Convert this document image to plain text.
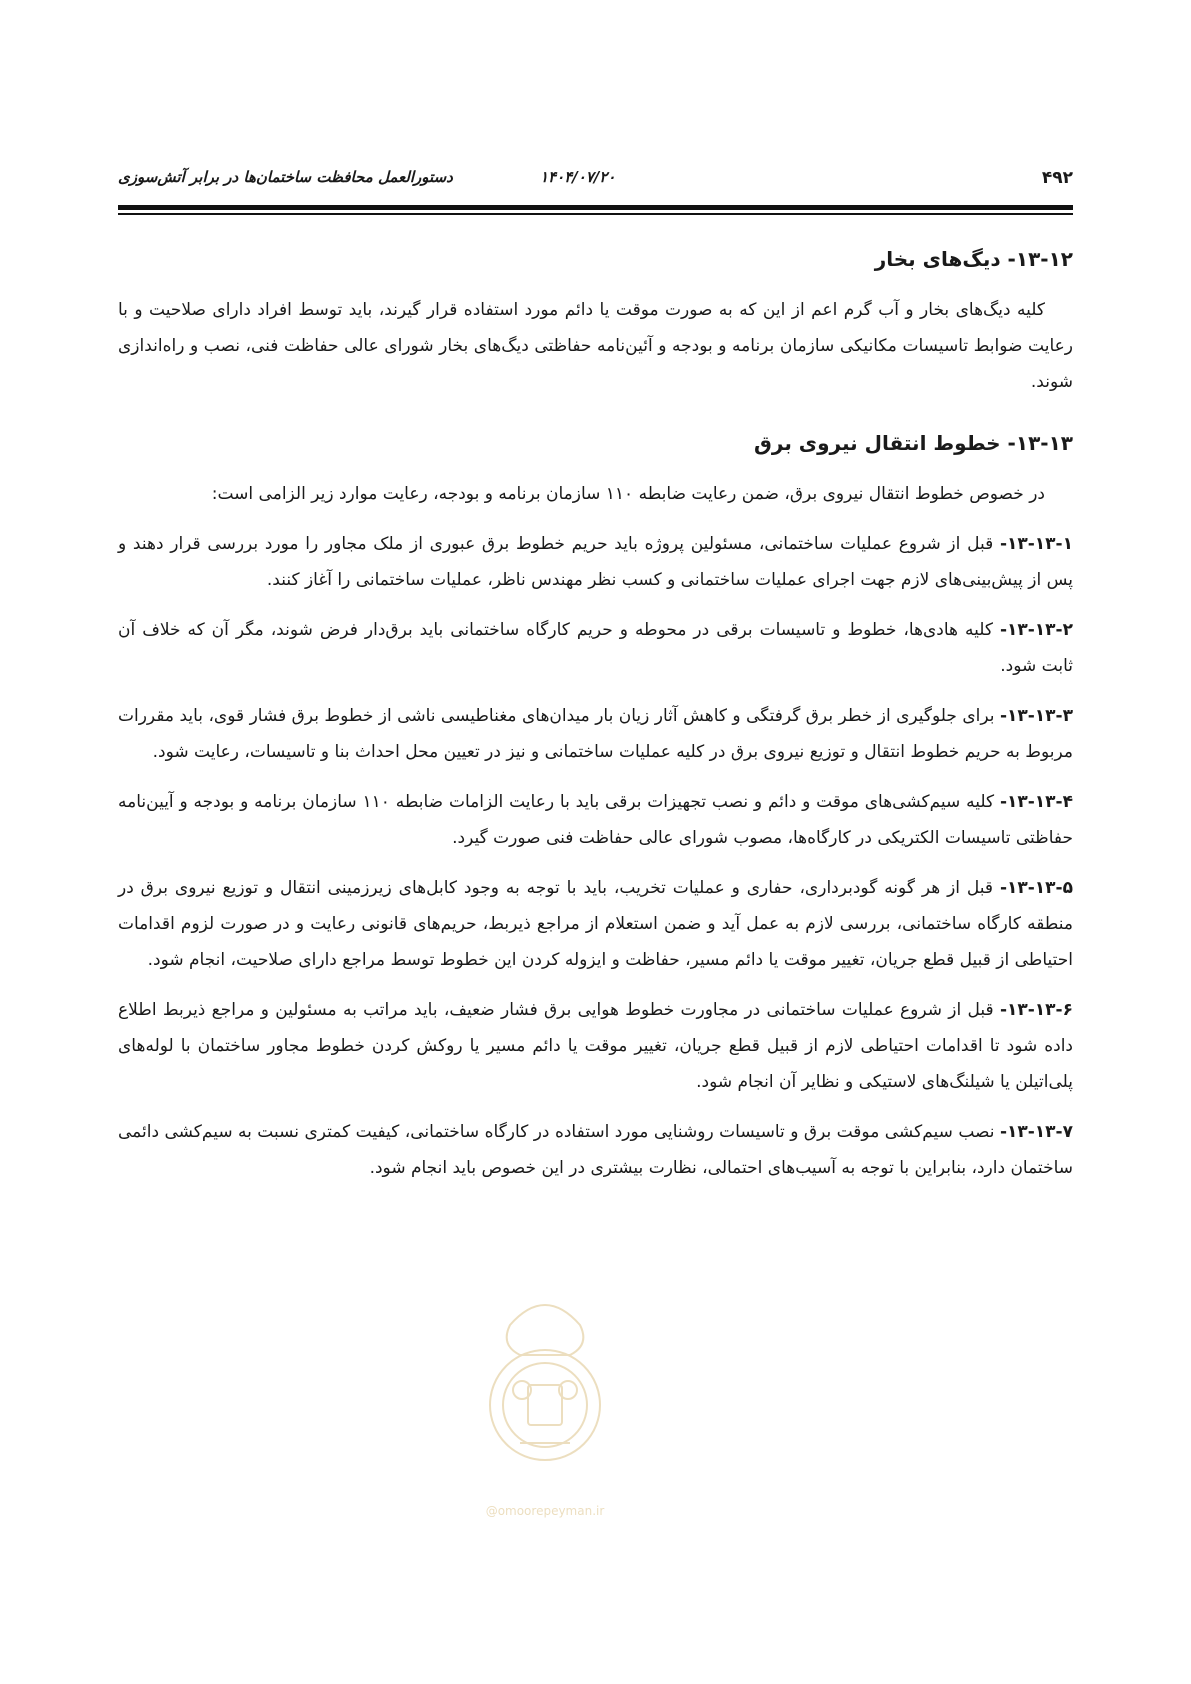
۴۹۲
۱۴۰۴/۰۷/۲۰
دستورالعمل محافظت ساختمان‌ها در برابر آتش‌سوزی
۱۳-۱۲- دیگ‌های بخار

کلیه دیگ‌های بخار و آب گرم اعم از این که به صورت موقت یا دائم مورد استفاده قرار گیرند، باید توسط افراد دارای صلاحیت و با رعایت ضوابط تاسیسات مکانیکی سازمان برنامه و بودجه و آئین‌نامه حفاظتی دیگ‌های بخار شورای عالی حفاظت فنی، نصب و راه‌اندازی شوند.

۱۳-۱۳- خطوط انتقال نیروی برق

در خصوص خطوط انتقال نیروی برق، ضمن رعایت ضابطه ۱۱۰ سازمان برنامه و بودجه، رعایت موارد زیر الزامی است:

۱۳-۱۳-۱- قبل از شروع عملیات ساختمانی، مسئولین پروژه باید حریم خطوط برق عبوری از ملک مجاور را مورد بررسی قرار دهند و پس از پیش‌بینی‌های لازم جهت اجرای عملیات ساختمانی و کسب نظر مهندس ناظر، عملیات ساختمانی را آغاز کنند.

۱۳-۱۳-۲- کلیه هادی‌ها، خطوط و تاسیسات برقی در محوطه و حریم کارگاه ساختمانی باید برق‌دار فرض شوند، مگر آن که خلاف آن ثابت شود.

۱۳-۱۳-۳- برای جلوگیری از خطر برق گرفتگی و کاهش آثار زیان بار میدان‌های مغناطیسی ناشی از خطوط برق فشار قوی، باید مقررات مربوط به حریم خطوط انتقال و توزیع نیروی برق در کلیه عملیات ساختمانی و نیز در تعیین محل احداث بنا و تاسیسات، رعایت شود.

۱۳-۱۳-۴- کلیه سیم‌کشی‌های موقت و دائم و نصب تجهیزات برقی باید با رعایت الزامات ضابطه ۱۱۰ سازمان برنامه و بودجه و آیین‌نامه حفاظتی تاسیسات الکتریکی در کارگاه‌ها، مصوب شورای عالی حفاظت فنی صورت گیرد.

۱۳-۱۳-۵- قبل از هر گونه گودبرداری، حفاری و عملیات تخریب، باید با توجه به وجود کابل‌های زیرزمینی انتقال و توزیع نیروی برق در منطقه کارگاه ساختمانی، بررسی لازم به عمل آید و ضمن استعلام از مراجع ذیربط، حریم‌های قانونی رعایت و در صورت لزوم اقدامات احتیاطی از قبیل قطع جریان، تغییر موقت یا دائم مسیر، حفاظت و ایزوله کردن این خطوط توسط مراجع دارای صلاحیت، انجام شود.

۱۳-۱۳-۶- قبل از شروع عملیات ساختمانی در مجاورت خطوط هوایی برق فشار ضعیف، باید مراتب به مسئولین و مراجع ذیربط اطلاع داده شود تا اقدامات احتیاطی لازم از قبیل قطع جریان، تغییر موقت یا دائم مسیر یا روکش کردن خطوط مجاور ساختمان با لوله‌های پلی‌اتیلن یا شیلنگ‌های لاستیکی و نظایر آن انجام شود.

۱۳-۱۳-۷- نصب سیم‌کشی موقت برق و تاسیسات روشنایی مورد استفاده در کارگاه ساختمانی، کیفیت کمتری نسبت به سیم‌کشی دائمی ساختمان دارد، بنابراین با توجه به آسیب‌های احتمالی، نظارت بیشتری در این خصوص باید انجام شود.

@omoorepeyman.ir
